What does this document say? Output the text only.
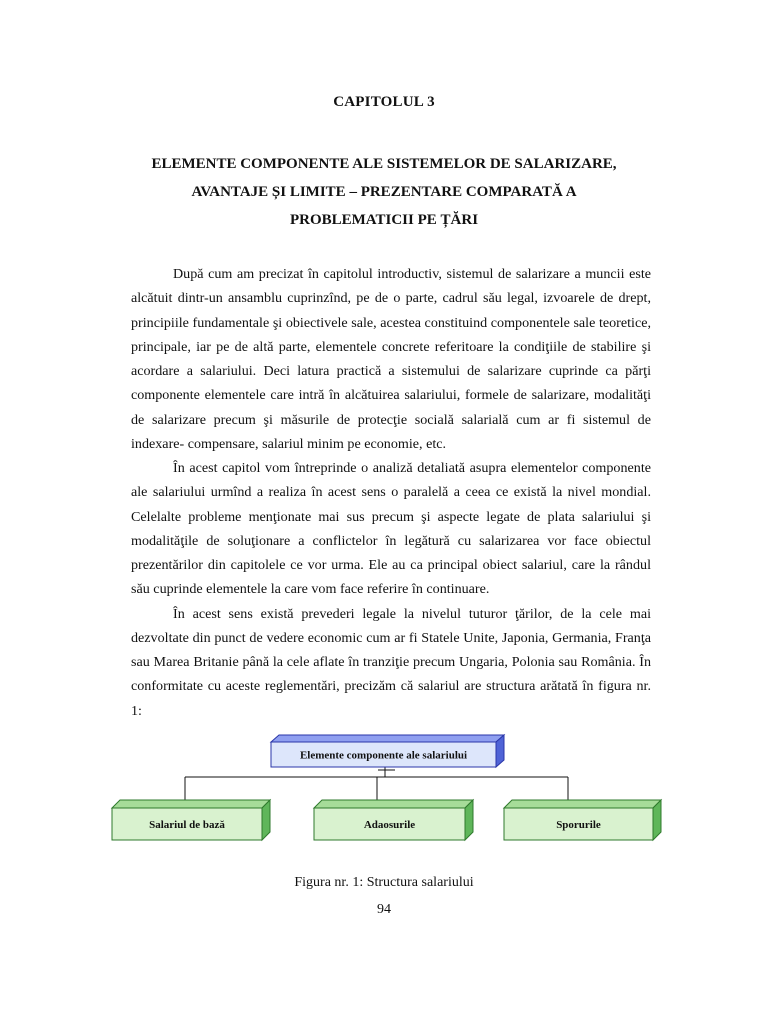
CAPITOLUL 3
ELEMENTE COMPONENTE ALE SISTEMELOR DE SALARIZARE,
AVANTAJE ȘI LIMITE – PREZENTARE COMPARATĂ A
PROBLEMATICII PE ȚĂRI

După cum am precizat în capitolul introductiv, sistemul de salarizare a muncii este alcătuit dintr-un ansamblu cuprinzînd, pe de o parte, cadrul său legal, izvoarele de drept, principiile fundamentale şi obiectivele sale, acestea constituind componentele sale teoretice, principale, iar pe de altă parte, elementele concrete referitoare la condiţiile de stabilire şi acordare a salariului. Deci latura practică a sistemului de salarizare cuprinde ca părţi componente elementele care intră în alcătuirea salariului, formele de salarizare, modalităţi de salarizare precum şi măsurile de protecţie socială salarială cum ar fi sistemul de indexare- compensare, salariul minim pe economie, etc.

În acest capitol vom întreprinde o analiză detaliată asupra elementelor componente ale salariului urmînd a realiza în acest sens o paralelă a ceea ce există la nivel mondial. Celelalte probleme menţionate mai sus precum şi aspecte legate de plata salariului şi modalităţile de soluţionare a conflictelor în legătură cu salarizarea vor face obiectul prezentărilor din capitolele ce vor urma. Ele au ca principal obiect salariul, care la rândul său cuprinde elementele la care vom face referire în continuare.

În acest sens există prevederi legale la nivelul tuturor ţărilor, de la cele mai dezvoltate din punct de vedere economic cum ar fi Statele Unite, Japonia, Germania, Franţa sau Marea Britanie până la cele aflate în tranziţie precum Ungaria, Polonia sau România. În conformitate cu aceste reglementări, precizăm că salariul are structura arătată în figura nr. 1:

Elemente componente ale salariului
Salariul de bază	Adaosurile	Sporurile
Figura nr. 1: Structura salariului
94
